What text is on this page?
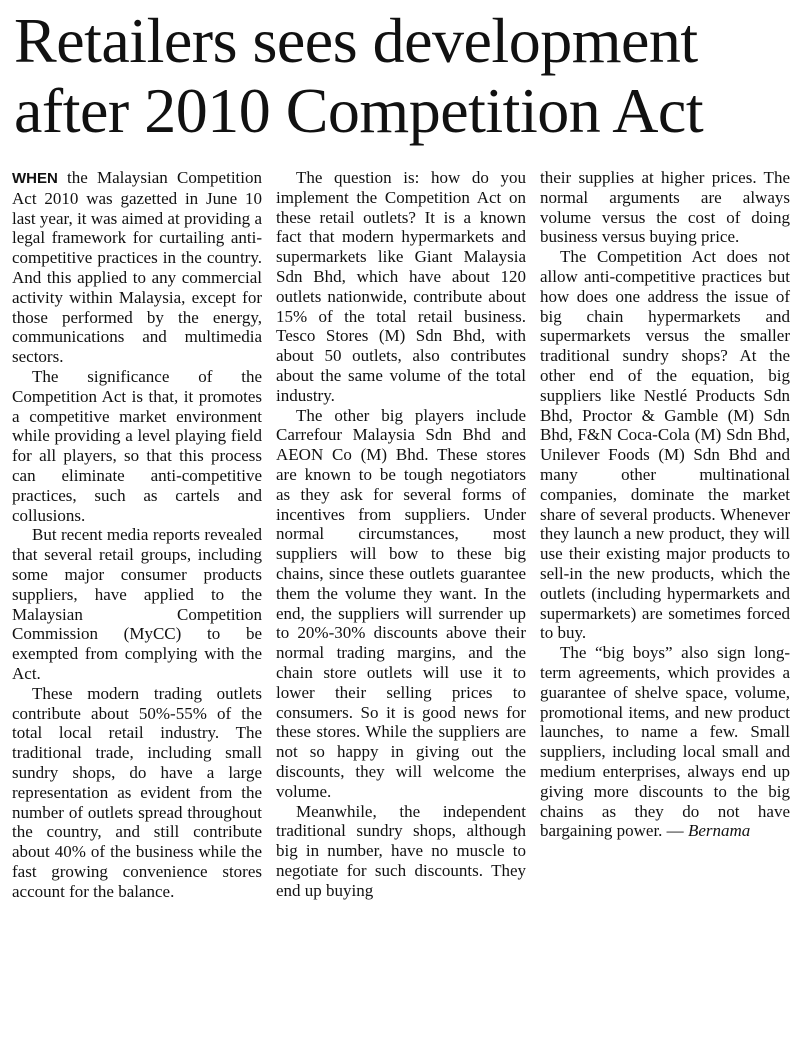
Retailers sees development
after 2010 Competition Act

WHEN the Malaysian Competition Act 2010 was gazetted in June 10 last year, it was aimed at providing a legal framework for curtailing anti-competitive practices in the country. And this applied to any commercial activity within Malaysia, except for those performed by the energy, communications and multimedia sectors.

The significance of the Competition Act is that, it promotes a competitive market environment while providing a level playing field for all players, so that this process can eliminate anti-competitive practices, such as cartels and collusions.

But recent media reports revealed that several retail groups, including some major consumer products suppliers, have applied to the Malaysian Competition Commission (MyCC) to be exempted from complying with the Act.

These modern trading outlets contribute about 50%-55% of the total local retail industry. The traditional trade, including small sundry shops, do have a large representation as evident from the number of outlets spread throughout the country, and still contribute about 40% of the business while the fast growing convenience stores account for the balance.

The question is: how do you implement the Competition Act on these retail outlets? It is a known fact that modern hypermarkets and supermarkets like Giant Malaysia Sdn Bhd, which have about 120 outlets nationwide, contribute about 15% of the total retail business. Tesco Stores (M) Sdn Bhd, with about 50 outlets, also contributes about the same volume of the total industry.

The other big players include Carrefour Malaysia Sdn Bhd and AEON Co (M) Bhd. These stores are known to be tough negotiators as they ask for several forms of incentives from suppliers. Under normal circumstances, most suppliers will bow to these big chains, since these outlets guarantee them the volume they want. In the end, the suppliers will surrender up to 20%-30% discounts above their normal trading margins, and the chain store outlets will use it to lower their selling prices to consumers. So it is good news for these stores. While the suppliers are not so happy in giving out the discounts, they will welcome the volume.

Meanwhile, the independent traditional sundry shops, although big in number, have no muscle to negotiate for such discounts. They end up buying

their supplies at higher prices. The normal arguments are always volume versus the cost of doing business versus buying price.

The Competition Act does not allow anti-competitive practices but how does one address the issue of big chain hypermarkets and supermarkets versus the smaller traditional sundry shops? At the other end of the equation, big suppliers like Nestlé Products Sdn Bhd, Proctor & Gamble (M) Sdn Bhd, F&N Coca-Cola (M) Sdn Bhd, Unilever Foods (M) Sdn Bhd and many other multinational companies, dominate the market share of several products. Whenever they launch a new product, they will use their existing major products to sell-in the new products, which the outlets (including hypermarkets and supermarkets) are sometimes forced to buy.

The “big boys” also sign long-term agreements, which provides a guarantee of shelve space, volume, promotional items, and new product launches, to name a few. Small suppliers, including local small and medium enterprises, always end up giving more discounts to the big chains as they do not have bargaining power. — Bernama
